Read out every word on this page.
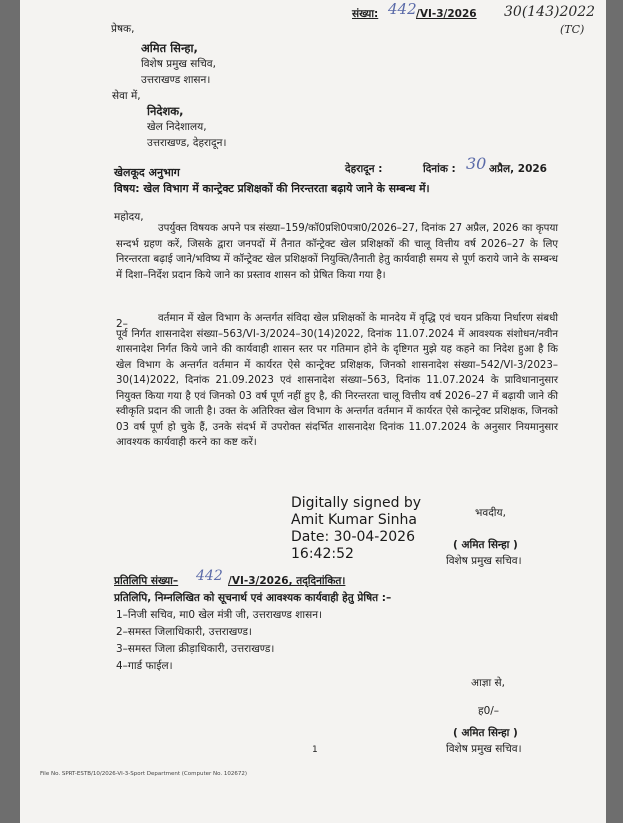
संख्या: 442 /VI-3/2026 30(143)2022
(TC)
प्रेषक,
अमित सिन्हा,
विशेष प्रमुख सचिव,
उत्तराखण्ड शासन।
सेवा में,
निदेशक,
खेल निदेशालय,
उत्तराखण्ड, देहरादून।
खेलकूद अनुभाग	देहरादून :	दिनांक : 30 अप्रैल, 2026
विषय: खेल विभाग में कान्ट्रेक्ट प्रशिक्षकों की निरन्तरता बढ़ाये जाने के सम्बन्ध में।
महोदय,
उपर्युक्त विषयक अपने पत्र संख्या–159/कॉ0प्रशि0पत्रा0/2026–27, दिनांक 27 अप्रैल, 2026 का कृपया सन्दर्भ ग्रहण करें, जिसके द्वारा जनपदों में तैनात कॉन्ट्रेक्ट खेल प्रशिक्षकों की चालू वित्तीय वर्ष 2026–27 के लिए निरन्तरता बढ़ाई जाने/भविष्य में कॉन्ट्रेक्ट खेल प्रशिक्षकों नियुक्ति/तैनाती हेतु कार्यवाही समय से पूर्ण कराये जाने के सम्बन्ध में दिशा–निर्देश प्रदान किये जाने का प्रस्ताव शासन को प्रेषित किया गया है।
2–	वर्तमान में खेल विभाग के अन्तर्गत संविदा खेल प्रशिक्षकों के मानदेय में वृद्धि एवं चयन प्रकिया निर्धारण संबधी पूर्व निर्गत शासनादेश संख्या–563/VI-3/2024–30(14)2022, दिनांक 11.07.2024 में आवश्यक संशोधन/नवीन शासनादेश निर्गत किये जाने की कार्यवाही शासन स्तर पर गतिमान होने के दृष्टिगत मुझे यह कहने का निदेश हुआ है कि खेल विभाग के अन्तर्गत वर्तमान में कार्यरत ऐसे कान्ट्रेक्ट प्रशिक्षक, जिनको शासनादेश संख्या–542/VI-3/2023–30(14)2022, दिनांक 21.09.2023 एवं शासनादेश संख्या–563, दिनांक 11.07.2024 के प्राविधानानुसार नियुक्त किया गया है एवं जिनको 03 वर्ष पूर्ण नहीं हुए है, की निरन्तरता चालू वित्तीय वर्ष 2026–27 में बढ़ायी जाने की स्वीकृति प्रदान की जाती है। उक्त के अतिरिक्त खेल विभाग के अन्तर्गत वर्तमान में कार्यरत ऐसे कान्ट्रेक्ट प्रशिक्षक, जिनको 03 वर्ष पूर्ण हो चुके हैं, उनके संदर्भ में उपरोक्त संदर्भित शासनादेश दिनांक 11.07.2024 के अनुसार नियमानुसार आवश्यक कार्यवाही करने का कष्ट करें।
Digitally signed by
Amit Kumar Sinha
Date: 30-04-2026
16:42:52
भवदीय,
( अमित सिन्हा )
विशेष प्रमुख सचिव।
प्रतिलिपि संख्या– 442 /VI-3/2026, तद्‌दिनांकित।
प्रतिलिपि, निम्नलिखित को सूचनार्थ एवं आवश्यक कार्यवाही हेतु प्रेषित :–
1–निजी सचिव, मा0 खेल मंत्री जी, उत्तराखण्ड शासन।
2–समस्त जिलाधिकारी, उत्तराखण्ड।
3–समस्त जिला क्रीड़ाधिकारी, उत्तराखण्ड।
4–गार्ड फाईल।
आज्ञा से,
ह0/–
( अमित सिन्हा )
विशेष प्रमुख सचिव।
1
File No. SPRT-ESTB/10/2026-VI-3-Sport Department (Computer No. 102672)
